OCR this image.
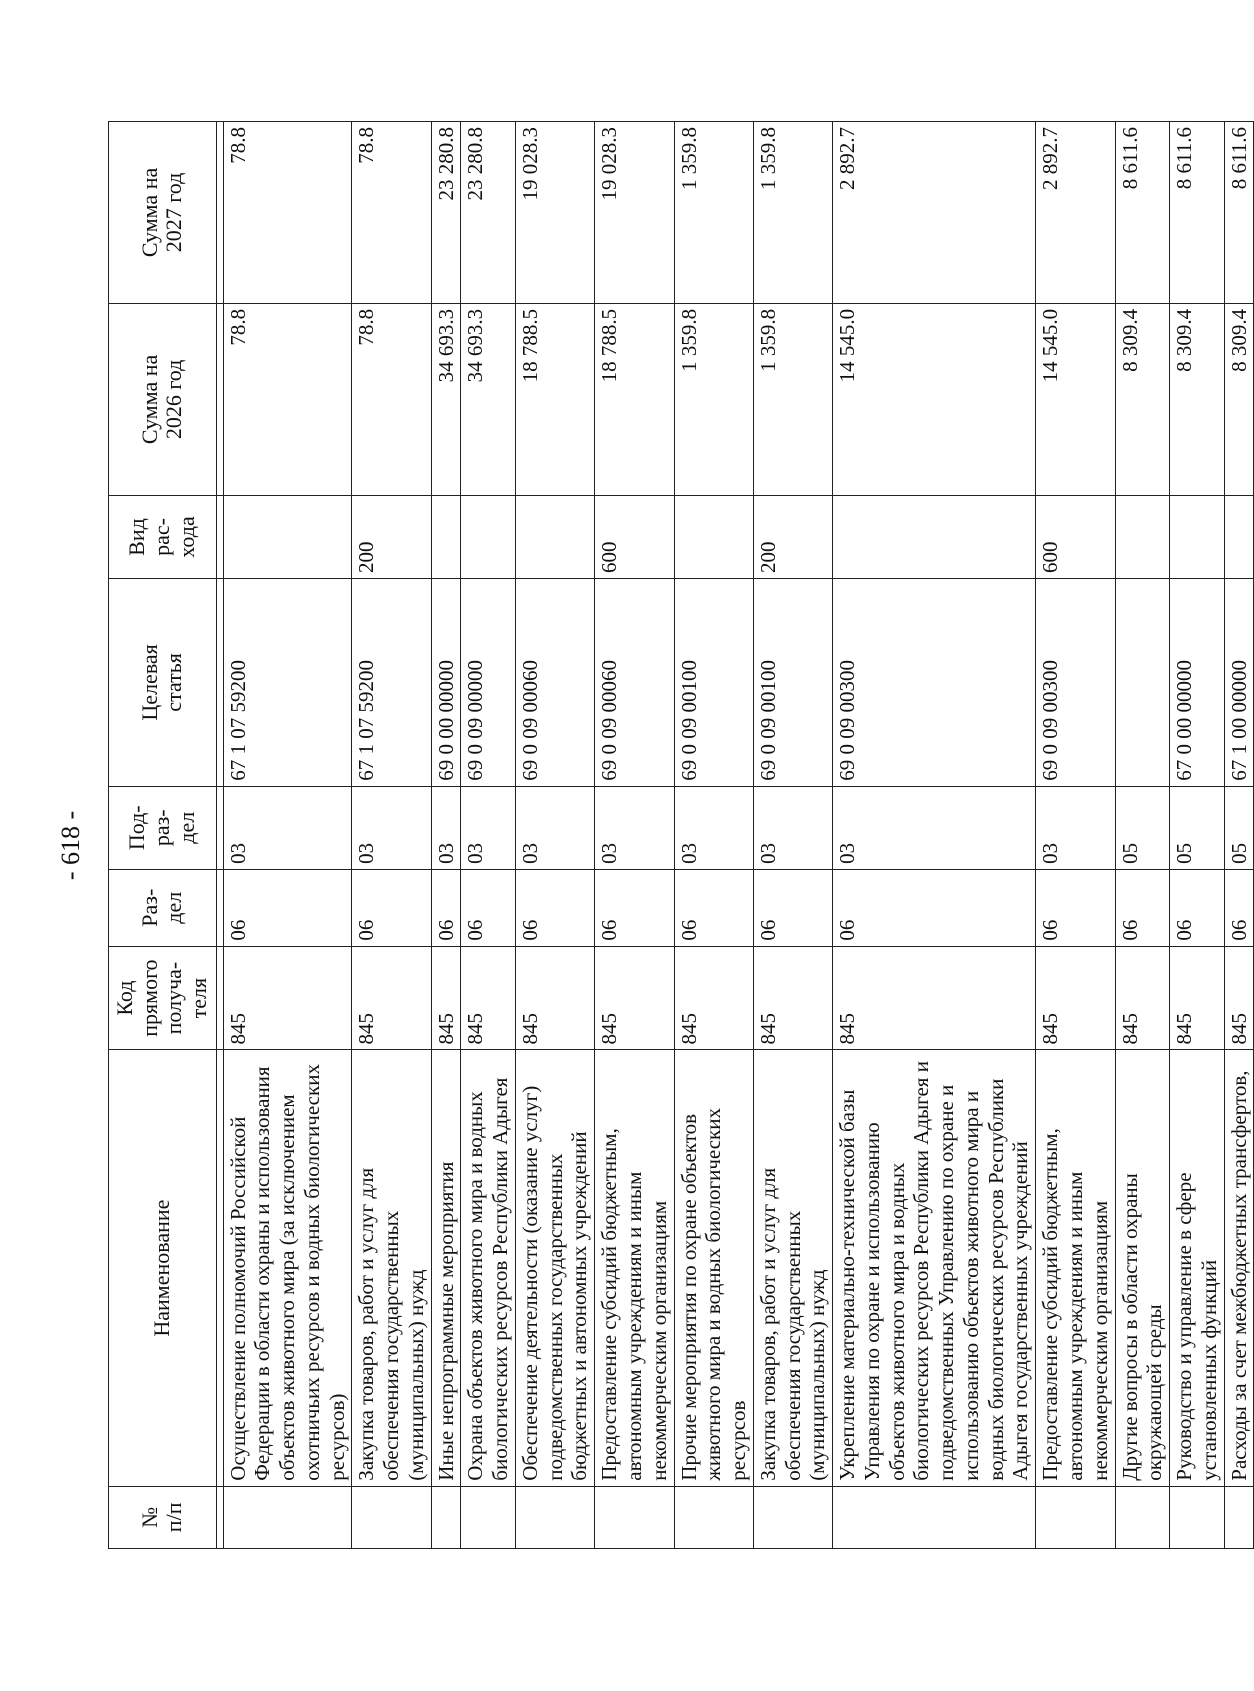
- 618 -
№
п/п	Наименование	Код
прямого
получа-
теля	Раз-
дел	Под-
раз-
дел	Целевая
статья	Вид
рас-
хода	Сумма на
2026 год	Сумма на
2027 год

	Осуществление полномочий Российской Федерации в области охраны и использования объектов животного мира (за исключением охотничьих ресурсов и водных биологических ресурсов)	845	06	03	67 1 07 59200		78.8	78.8
	Закупка товаров, работ и услуг для обеспечения государственных (муниципальных) нужд	845	06	03	67 1 07 59200	200	78.8	78.8
	Иные непрограммные мероприятия	845	06	03	69 0 00 00000		34 693.3	23 280.8
	Охрана объектов животного мира и водных биологических ресурсов Республики Адыгея	845	06	03	69 0 09 00000		34 693.3	23 280.8
	Обеспечение деятельности (оказание услуг) подведомственных государственных бюджетных и автономных учреждений	845	06	03	69 0 09 00060		18 788.5	19 028.3
	Предоставление субсидий бюджетным, автономным учреждениям и иным некоммерческим организациям	845	06	03	69 0 09 00060	600	18 788.5	19 028.3
	Прочие мероприятия по охране объектов животного мира и водных биологических ресурсов	845	06	03	69 0 09 00100		1 359.8	1 359.8
	Закупка товаров, работ и услуг для обеспечения государственных (муниципальных) нужд	845	06	03	69 0 09 00100	200	1 359.8	1 359.8
	Укрепление материально-технической базы Управления по охране и использованию объектов животного мира и водных биологических ресурсов Республики Адыгея и подведомственных Управлению по охране и использованию объектов животного мира и водных биологических ресурсов Республики Адыгея государственных учреждений	845	06	03	69 0 09 00300		14 545.0	2 892.7
	Предоставление субсидий бюджетным, автономным учреждениям и иным некоммерческим организациям	845	06	03	69 0 09 00300	600	14 545.0	2 892.7
	Другие вопросы в области охраны окружающей среды	845	06	05			8 309.4	8 611.6
	Руководство и управление в сфере установленных функций	845	06	05	67 0 00 00000		8 309.4	8 611.6
	Расходы за счет межбюджетных трансфертов,	845	06	05	67 1 00 00000		8 309.4	8 611.6
